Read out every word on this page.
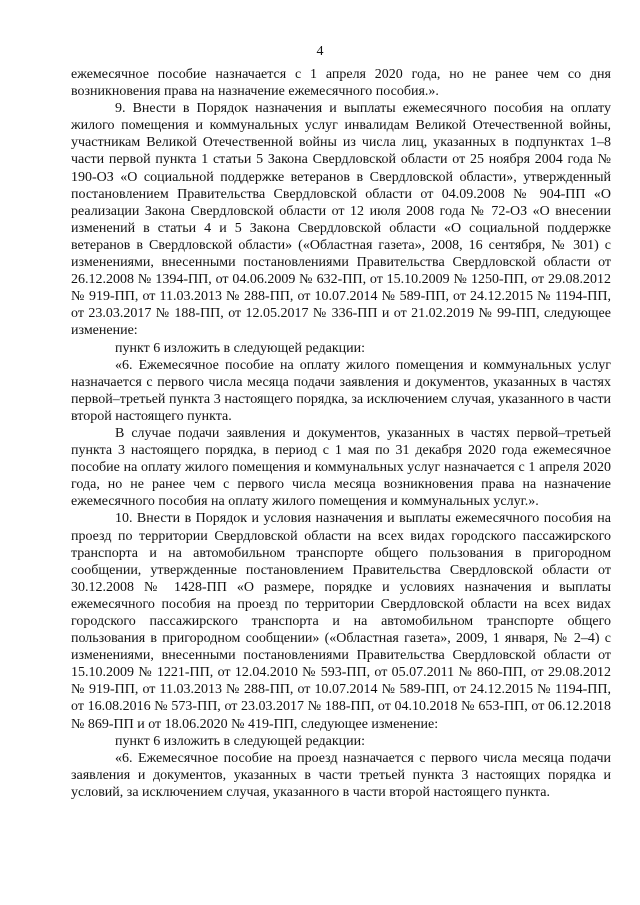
4

ежемесячное пособие назначается с 1 апреля 2020 года, но не ранее чем со дня возникновения права на назначение ежемесячного пособия.».

9. Внести в Порядок назначения и выплаты ежемесячного пособия на оплату жилого помещения и коммунальных услуг инвалидам Великой Отечественной войны, участникам Великой Отечественной войны из числа лиц, указанных в подпунктах 1–8 части первой пункта 1 статьи 5 Закона Свердловской области от 25 ноября 2004 года № 190-ОЗ «О социальной поддержке ветеранов в Свердловской области», утвержденный постановлением Правительства Свердловской области от 04.09.2008 № 904-ПП «О реализации Закона Свердловской области от 12 июля 2008 года № 72-ОЗ «О внесении изменений в статьи 4 и 5 Закона Свердловской области «О социальной поддержке ветеранов в Свердловской области» («Областная газета», 2008, 16 сентября, № 301) с изменениями, внесенными постановлениями Правительства Свердловской области от 26.12.2008 № 1394-ПП, от 04.06.2009 № 632-ПП, от 15.10.2009 № 1250-ПП, от 29.08.2012 № 919-ПП, от 11.03.2013 № 288-ПП, от 10.07.2014 № 589-ПП, от 24.12.2015 № 1194-ПП, от 23.03.2017 № 188-ПП, от 12.05.2017 № 336-ПП и от 21.02.2019 № 99-ПП, следующее изменение:

пункт 6 изложить в следующей редакции:

«6. Ежемесячное пособие на оплату жилого помещения и коммунальных услуг назначается с первого числа месяца подачи заявления и документов, указанных в частях первой–третьей пункта 3 настоящего порядка, за исключением случая, указанного в части второй настоящего пункта.

В случае подачи заявления и документов, указанных в частях первой–третьей пункта 3 настоящего порядка, в период с 1 мая по 31 декабря 2020 года ежемесячное пособие на оплату жилого помещения и коммунальных услуг назначается с 1 апреля 2020 года, но не ранее чем с первого числа месяца возникновения права на назначение ежемесячного пособия на оплату жилого помещения и коммунальных услуг.».

10. Внести в Порядок и условия назначения и выплаты ежемесячного пособия на проезд по территории Свердловской области на всех видах городского пассажирского транспорта и на автомобильном транспорте общего пользования в пригородном сообщении, утвержденные постановлением Правительства Свердловской области от 30.12.2008 № 1428-ПП «О размере, порядке и условиях назначения и выплаты ежемесячного пособия на проезд по территории Свердловской области на всех видах городского пассажирского транспорта и на автомобильном транспорте общего пользования в пригородном сообщении» («Областная газета», 2009, 1 января, № 2–4) с изменениями, внесенными постановлениями Правительства Свердловской области от 15.10.2009 № 1221-ПП, от 12.04.2010 № 593-ПП, от 05.07.2011 № 860-ПП, от 29.08.2012 № 919-ПП, от 11.03.2013 № 288-ПП, от 10.07.2014 № 589-ПП, от 24.12.2015 № 1194-ПП, от 16.08.2016 № 573-ПП, от 23.03.2017 № 188-ПП, от 04.10.2018 № 653-ПП, от 06.12.2018 № 869-ПП и от 18.06.2020 № 419-ПП, следующее изменение:

пункт 6 изложить в следующей редакции:

«6. Ежемесячное пособие на проезд назначается с первого числа месяца подачи заявления и документов, указанных в части третьей пункта 3 настоящих порядка и условий, за исключением случая, указанного в части второй настоящего пункта.
